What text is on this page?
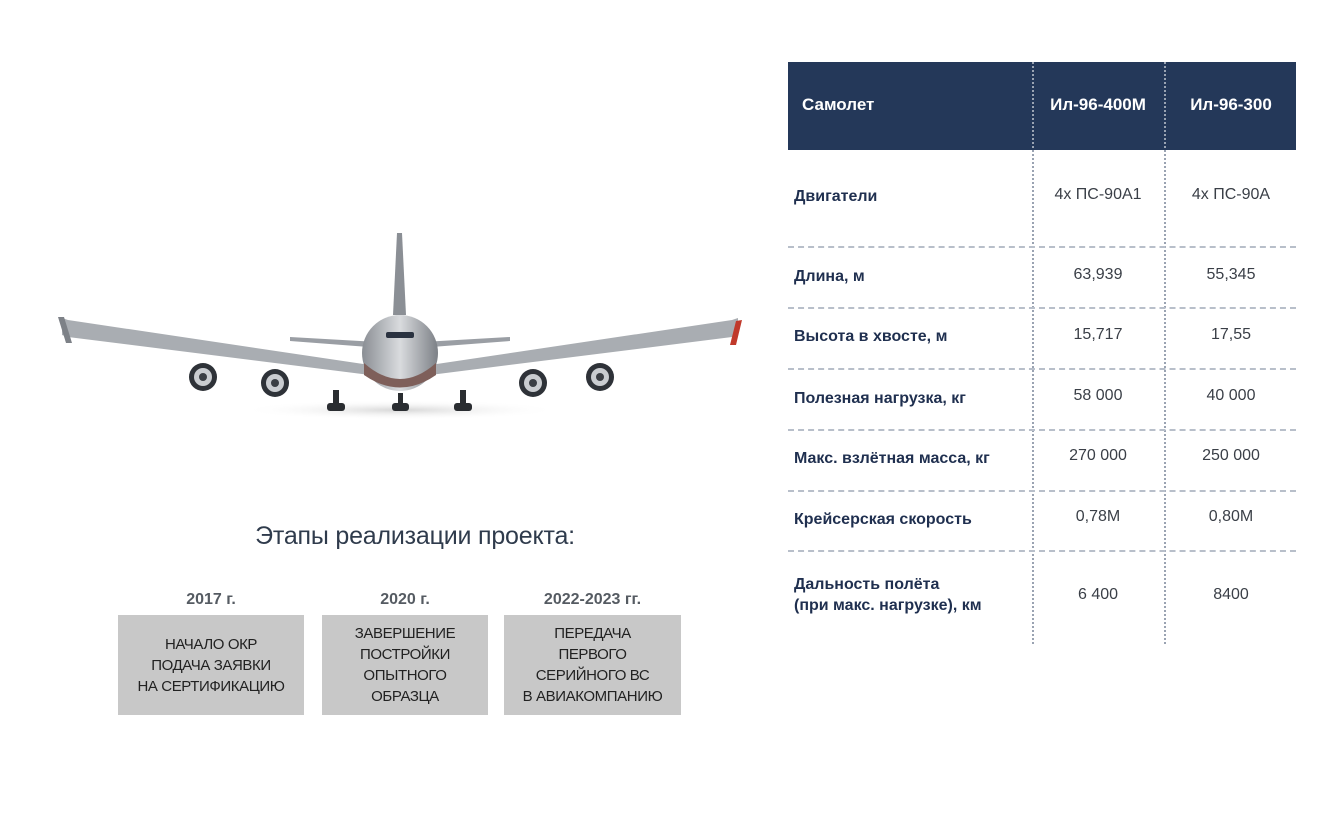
Этапы реализации проекта:
2017 г.	2020 г.	2022-2023 гг.
НАЧАЛО ОКР
ПОДАЧА ЗАЯВКИ
НА СЕРТИФИКАЦИЮ
ЗАВЕРШЕНИЕ
ПОСТРОЙКИ
ОПЫТНОГО
ОБРАЗЦА
ПЕРЕДАЧА
ПЕРВОГО
СЕРИЙНОГО ВС
В АВИАКОМПАНИЮ
Самолет	Ил-96-400М	Ил-96-300
Двигатели	4х ПС-90А1	4х ПС-90А
Длина, м	63,939	55,345
Высота в хвосте, м	15,717	17,55
Полезная нагрузка, кг	58 000	40 000
Макс. взлётная масса, кг	270 000	250 000
Крейсерская скорость	0,78М	0,80М
Дальность полёта
(при макс. нагрузке), км
6 400	8400
